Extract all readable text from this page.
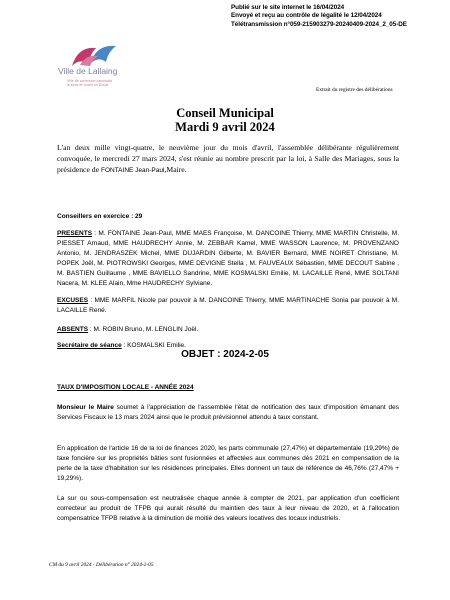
Publié sur le site internet le 16/04/2024
Envoyé et reçu au contrôle de légalité le 12/04/2024
Télétransmission n°059-215903279-20240409-2024_2_05-DE
Ville de Lallaing
Ville de commune pavoisant
le sens et vivant un Douai
Extrait du registre des délibérations
Conseil Municipal
Mardi 9 avril 2024
L'an deux mille vingt-quatre, le neuvième jour du mois d'avril, l'assemblée délibérante régulièrement convoquée, le mercredi 27 mars 2024, s'est réunie au nombre prescrit par la loi, à Salle des Mariages, sous la présidence de FONTAINE Jean-Paul,Maire.
Conseillers en exercice : 29
PRESENTS : M. FONTAINE Jean-Paul, MME MAES Françoise, M. DANCOINE Thierry, MME MARTIN Christelle, M. PIESSET Arnaud, MME HAUDRECHY Annie, M. ZEBBAR Kamel, MME WASSON Laurence, M. PROVENZANO Antonio, M. JENDRASZEK Michel, MME DUJARDIN Gilberte, M. BAVIER Bernard, MME NOIRET Christiane, M. POPEK Joël, M. PIOTROWSKI Georges, MME DEVIGNE Stella , M. FAUVEAUX Sébastien, MME DECOUT Sabine , M. BASTIEN Guillaume , MME BAVIELLO Sandrine, MME KOSMALSKI Emilie, M. LACAILLE René, MME SOLTANI Nacera, M. KLEE Alain, Mme HAUDRECHY Sylviane.
EXCUSES : MME MARFIL Nicole par pouvoir à M. DANCOINE Thierry, MME MARTINACHE Sonia par pouvoir à M. LACAILLE René.
ABSENTS : M. ROBIN Bruno, M. LENGLIN Joël.
Secrétaire de séance : KOSMALSKI Emilie.
OBJET : 2024-2-05
TAUX D'IMPOSITION LOCALE - ANNÉE 2024
Monsieur le Maire soumet à l'appréciation de l'assemblée l'état de notification des taux d'imposition émanant des Services Fiscaux le 13 mars 2024 ainsi que le produit prévisionnel attendu à taux constant.
En application de l'article 16 de la loi de finances 2020, les parts communale (27,47%) et départementale (19,29%) de taxe foncière sur les propriétés bâties sont fusionnées et affectées aux communes dès 2021 en compensation de la perte de la taxe d'habitation sur les résidences principales. Elles donnent un taux de référence de 46,76% (27,47% + 19,29%).
La sur ou sous-compensation est neutralisée chaque année à compter de 2021, par application d'un coefficient correcteur au produit de TFPB qui aurait résulté du maintien des taux à leur niveau de 2020, et à l'allocation compensatrice TFPB relative à la diminution de moitié des valeurs locatives des locaux industriels.
CM du 9 avril 2024 - Délibération n° 2024-2-05
